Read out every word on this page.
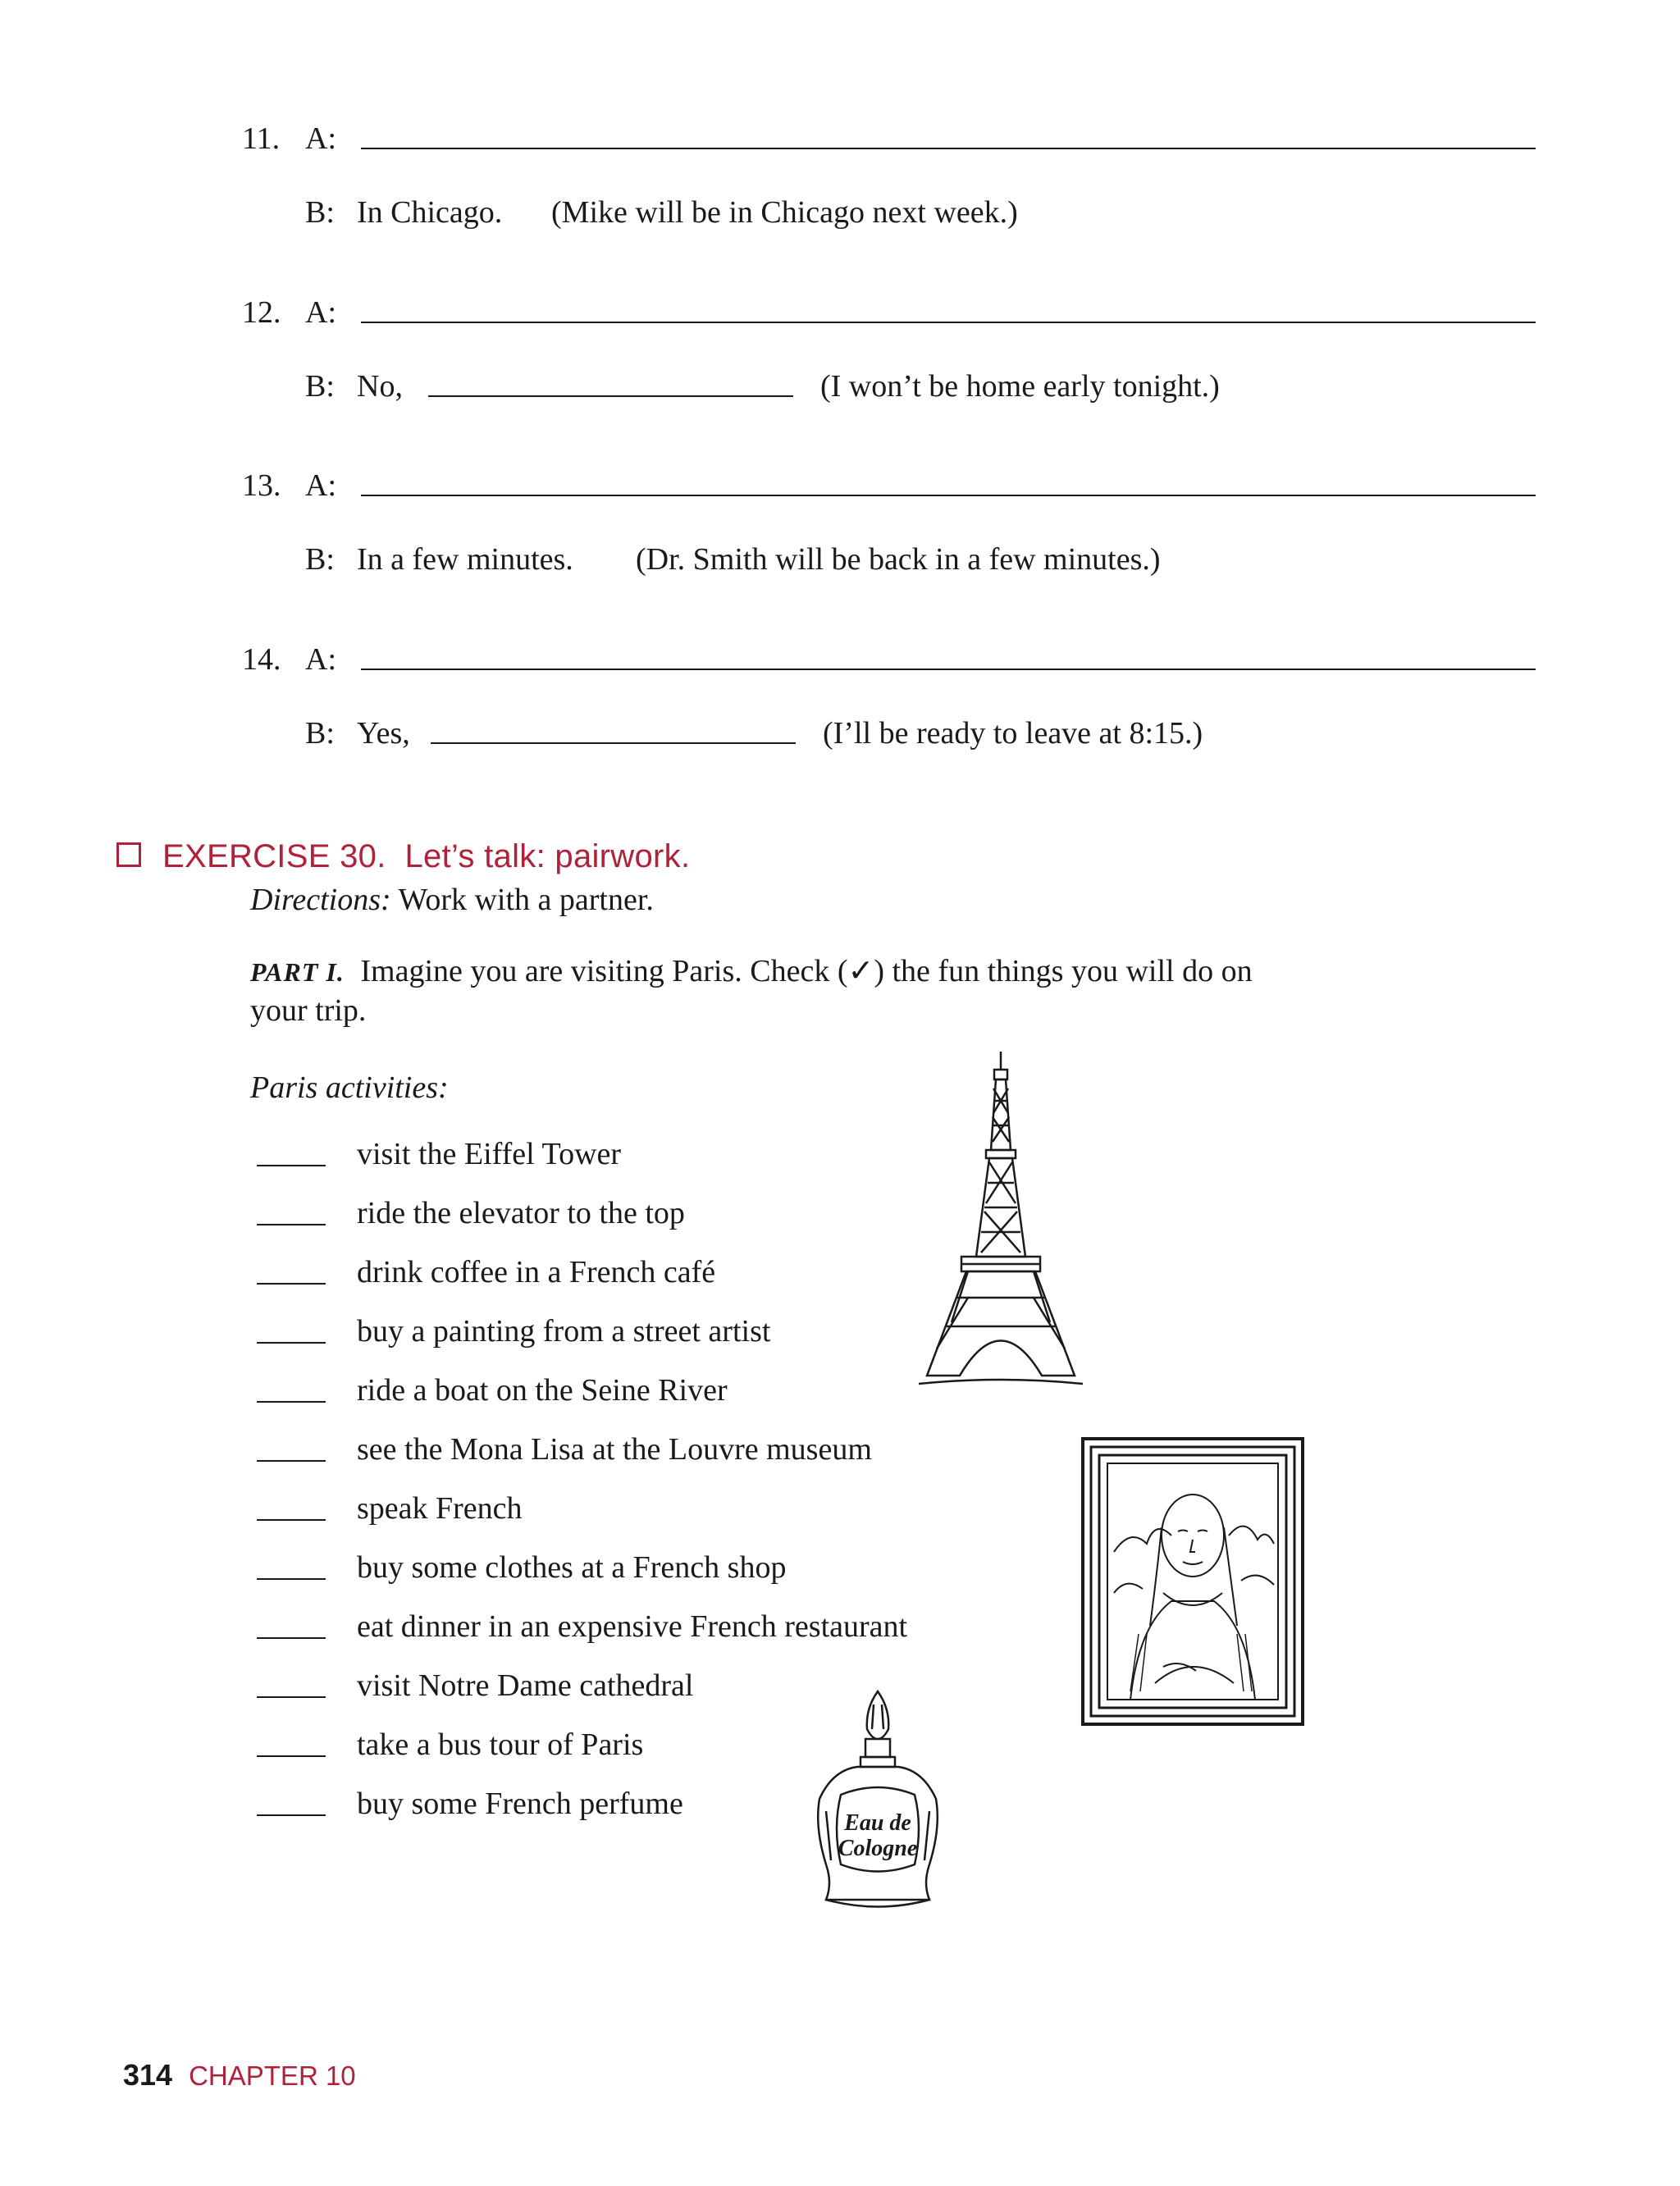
11. A:
B: In Chicago. (Mike will be in Chicago next week.)
12. A:
B: No,	(I won’t be home early tonight.)
13. A:
B: In a few minutes. (Dr. Smith will be back in a few minutes.)
14. A:
B: Yes,	(I’ll be ready to leave at 8:15.)
EXERCISE 30. Let’s talk: pairwork.
Directions: Work with a partner.
PART I. Imagine you are visiting Paris. Check (✓) the fun things you will do on
your trip.
Paris activities:
visit the Eiffel Tower
ride the elevator to the top
drink coffee in a French café
buy a painting from a street artist
ride a boat on the Seine River
see the Mona Lisa at the Louvre museum
speak French
buy some clothes at a French shop
eat dinner in an expensive French restaurant
visit Notre Dame cathedral
take a bus tour of Paris
buy some French perfume
Eau de
Cologne
314 CHAPTER 10
